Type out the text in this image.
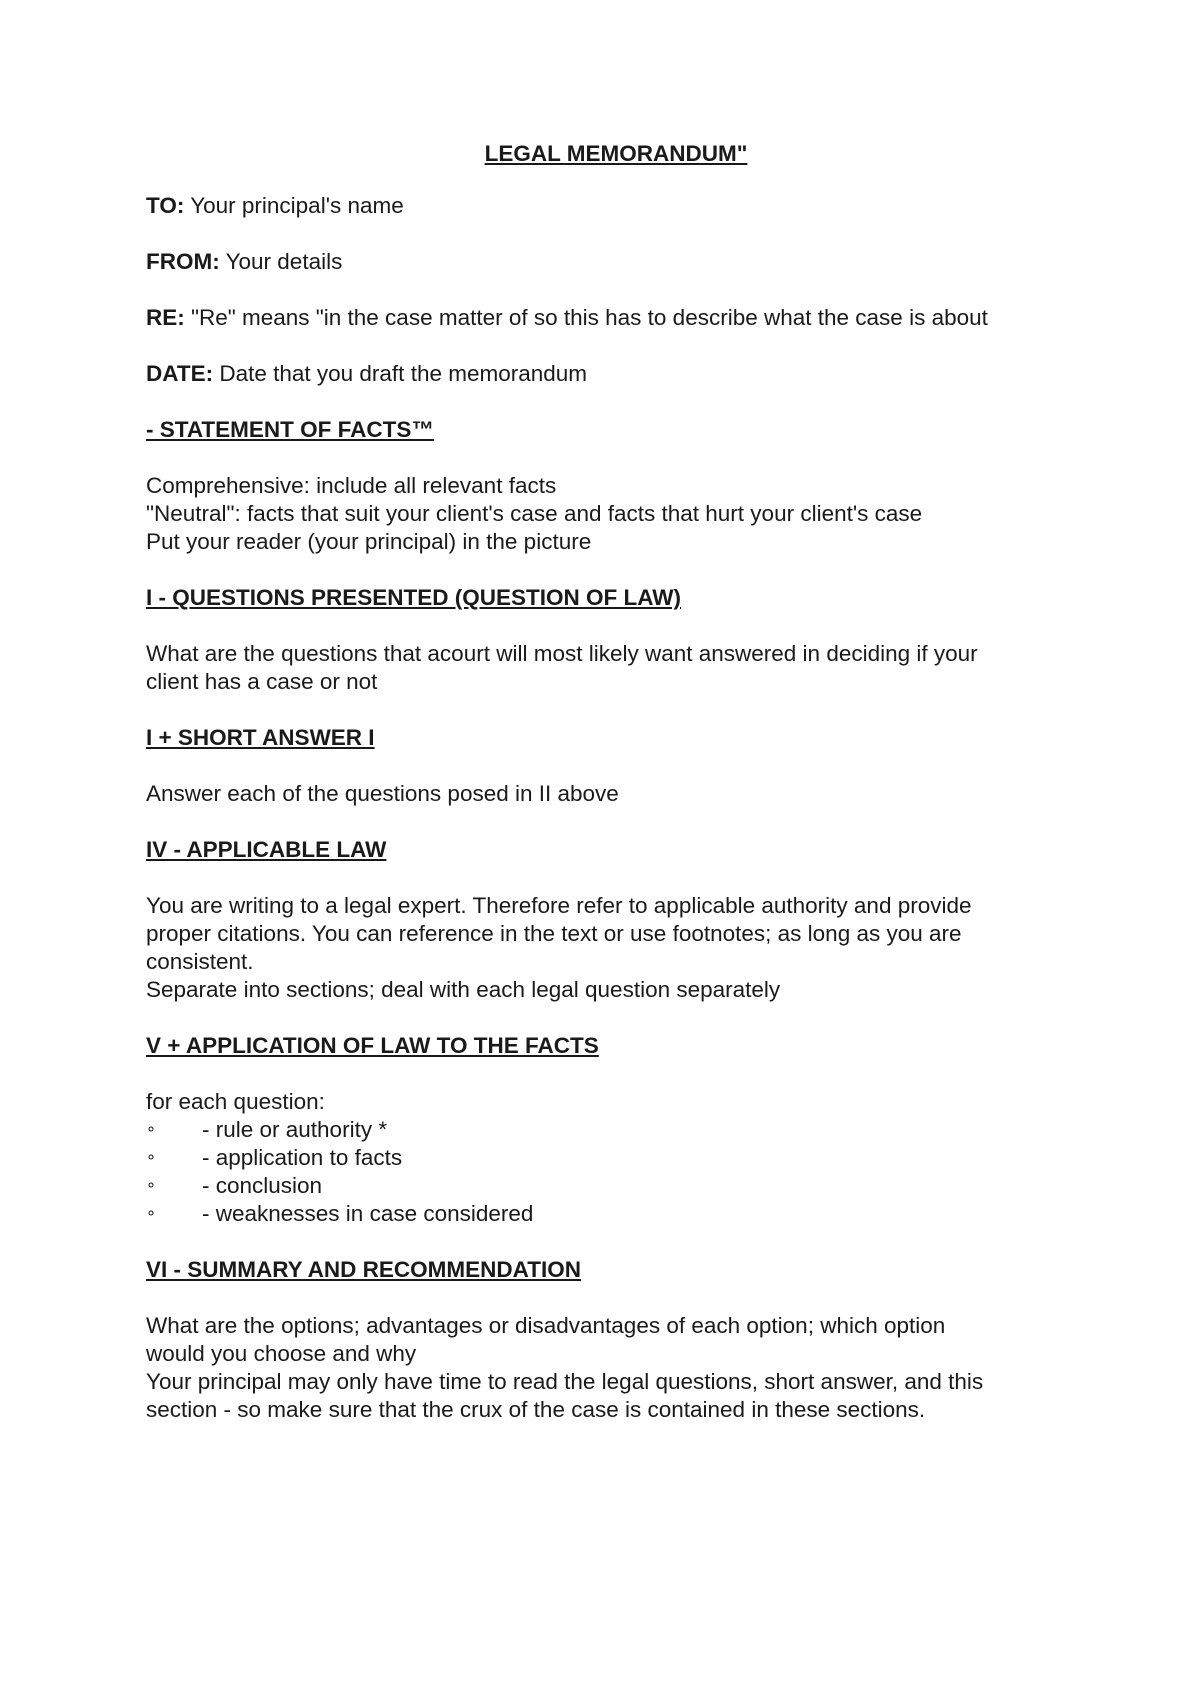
LEGAL MEMORANDUM"
TO: Your principal's name
FROM: Your details
RE: "Re" means "in the case matter of so this has to describe what the case is about
DATE: Date that you draft the memorandum
- STATEMENT OF FACTS™
Comprehensive: include all relevant facts
"Neutral": facts that suit your client's case and facts that hurt your client's case
Put your reader (your principal) in the picture
I - QUESTIONS PRESENTED (QUESTION OF LAW)
What are the questions that acourt will most likely want answered in deciding if your
client has a case or not
I + SHORT ANSWER I
Answer each of the questions posed in II above
IV - APPLICABLE LAW
You are writing to a legal expert. Therefore refer to applicable authority and provide
proper citations. You can reference in the text or use footnotes; as long as you are
consistent.
Separate into sections; deal with each legal question separately
V + APPLICATION OF LAW TO THE FACTS
for each question:
∘ - rule or authority *
∘ - application to facts
∘ - conclusion
∘ - weaknesses in case considered
VI - SUMMARY AND RECOMMENDATION
What are the options; advantages or disadvantages of each option; which option
would you choose and why
Your principal may only have time to read the legal questions, short answer, and this
section - so make sure that the crux of the case is contained in these sections.
